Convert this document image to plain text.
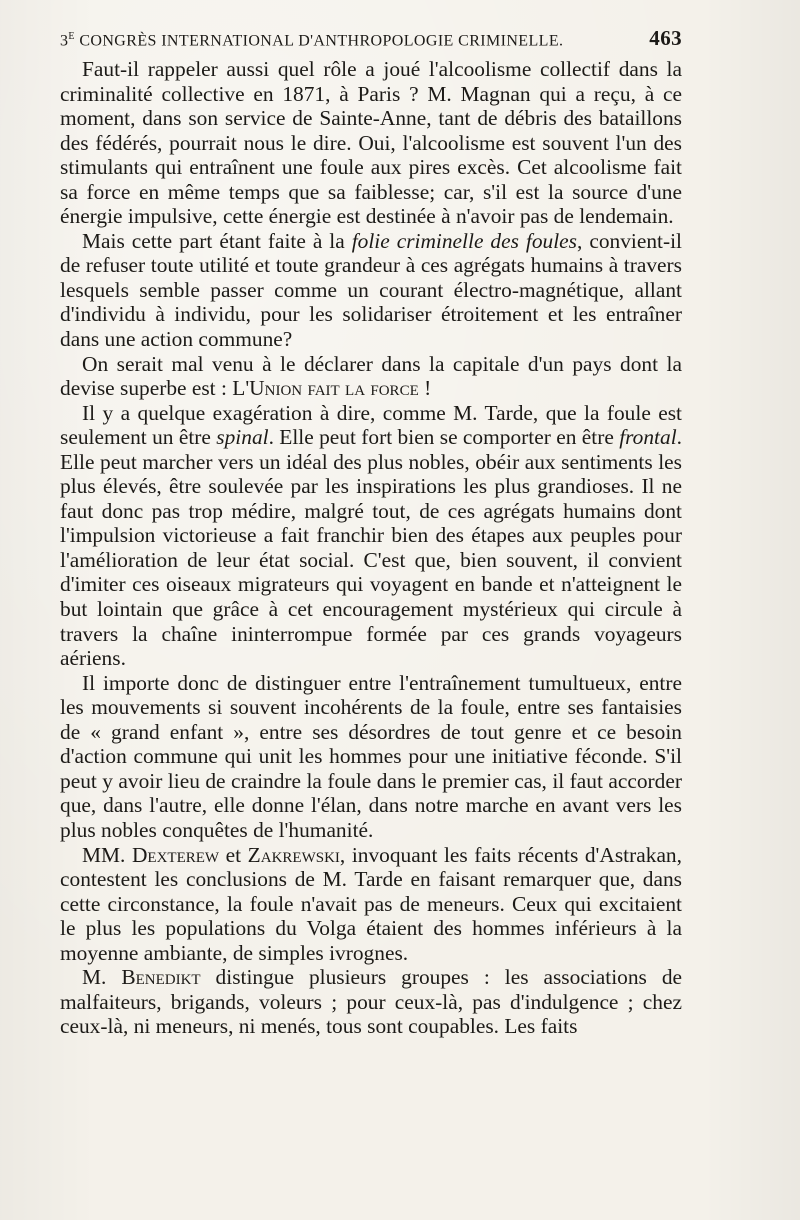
$3^E$ CONGRÈS INTERNATIONAL D'ANTHROPOLOGIE CRIMINELLE.	463

Faut-il rappeler aussi quel rôle a joué l'alcoolisme collectif dans la criminalité collective en 1871, à Paris ? M. Magnan qui a reçu, à ce moment, dans son service de Sainte-Anne, tant de débris des bataillons des fédérés, pourrait nous le dire. Oui, l'alcoolisme est souvent l'un des stimulants qui entraînent une foule aux pires excès. Cet alcoolisme fait sa force en même temps que sa faiblesse; car, s'il est la source d'une énergie impulsive, cette énergie est destinée à n'avoir pas de lendemain.

Mais cette part étant faite à la folie criminelle des foules, convient-il de refuser toute utilité et toute grandeur à ces agrégats humains à travers lesquels semble passer comme un courant électro-magnétique, allant d'individu à individu, pour les solidariser étroitement et les entraîner dans une action commune?

On serait mal venu à le déclarer dans la capitale d'un pays dont la devise superbe est : L'Union fait la force !

Il y a quelque exagération à dire, comme M. Tarde, que la foule est seulement un être spinal. Elle peut fort bien se comporter en être frontal. Elle peut marcher vers un idéal des plus nobles, obéir aux sentiments les plus élevés, être soulevée par les inspirations les plus grandioses. Il ne faut donc pas trop médire, malgré tout, de ces agrégats humains dont l'impulsion victorieuse a fait franchir bien des étapes aux peuples pour l'amélioration de leur état social. C'est que, bien souvent, il convient d'imiter ces oiseaux migrateurs qui voyagent en bande et n'atteignent le but lointain que grâce à cet encouragement mystérieux qui circule à travers la chaîne ininterrompue formée par ces grands voyageurs aériens.

Il importe donc de distinguer entre l'entraînement tumultueux, entre les mouvements si souvent incohérents de la foule, entre ses fantaisies de « grand enfant », entre ses désordres de tout genre et ce besoin d'action commune qui unit les hommes pour une initiative féconde. S'il peut y avoir lieu de craindre la foule dans le premier cas, il faut accorder que, dans l'autre, elle donne l'élan, dans notre marche en avant vers les plus nobles conquêtes de l'humanité.

MM. Dexterew et Zakrewski, invoquant les faits récents d'Astrakan, contestent les conclusions de M. Tarde en faisant remarquer que, dans cette circonstance, la foule n'avait pas de meneurs. Ceux qui excitaient le plus les populations du Volga étaient des hommes inférieurs à la moyenne ambiante, de simples ivrognes.

M. Benedikt distingue plusieurs groupes : les associations de malfaiteurs, brigands, voleurs ; pour ceux-là, pas d'indulgence ; chez ceux-là, ni meneurs, ni menés, tous sont coupables. Les faits
